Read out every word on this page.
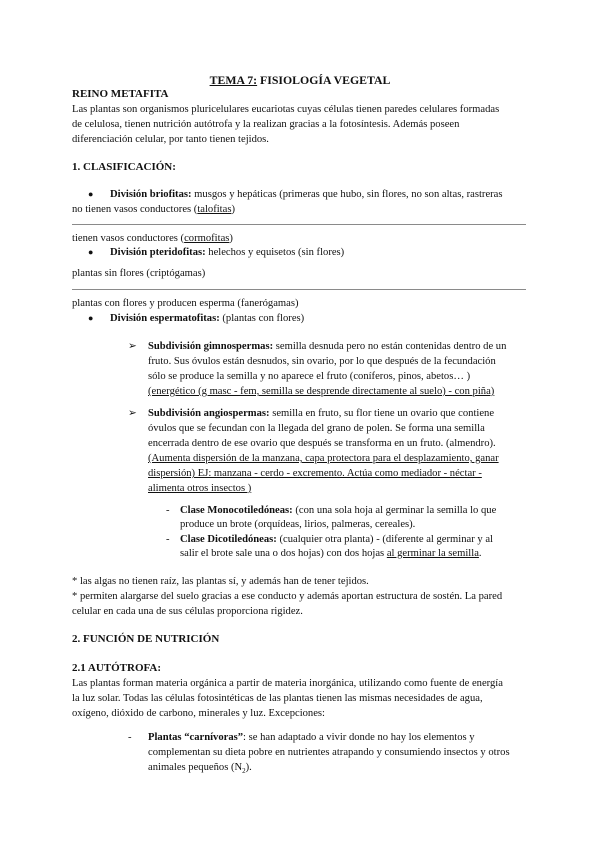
TEMA 7: FISIOLOGÍA VEGETAL
REINO METAFITA
Las plantas son organismos pluricelulares eucariotas cuyas células tienen paredes celulares formadas
de celulosa, tienen nutrición autótrofa y la realizan gracias a la fotosíntesis. Además poseen
diferenciación celular, por tanto tienen tejidos.
1. CLASIFICACIÓN:
● División briofitas: musgos y hepáticas (primeras que hubo, sin flores, no son altas, rastreras
no tienen vasos conductores (talofitas)
tienen vasos conductores (cormofitas)
● División pteridofitas: helechos y equisetos (sin flores)
plantas sin flores (criptógamas)
plantas con flores y producen esperma (fanerógamas)
● División espermatofitas: (plantas con flores)
➢ Subdivisión gimnospermas: semilla desnuda pero no están contenidas dentro de un
fruto. Sus óvulos están desnudos, sin ovario, por lo que después de la fecundación
sólo se produce la semilla y no aparece el fruto (coníferos, pinos, abetos… )
(energético (g masc - fem, semilla se desprende directamente al suelo) - con piña)
➢ Subdivisión angiospermas: semilla en fruto, su flor tiene un ovario que contiene
óvulos que se fecundan con la llegada del grano de polen. Se forma una semilla
encerrada dentro de ese ovario que después se transforma en un fruto. (almendro).
(Aumenta dispersión de la manzana, capa protectora para el desplazamiento, ganar
dispersión) EJ: manzana - cerdo - excremento. Actúa como mediador - néctar -
alimenta otros insectos )
- Clase Monocotiledóneas: (con una sola hoja al germinar la semilla lo que
produce un brote (orquídeas, lirios, palmeras, cereales).
- Clase Dicotiledóneas: (cualquier otra planta) - (diferente al germinar y al
salir el brote sale una o dos hojas) con dos hojas al germinar la semilla.
* las algas no tienen raíz, las plantas sí, y además han de tener tejidos.
* permiten alargarse del suelo gracias a ese conducto y además aportan estructura de sostén. La pared
celular en cada una de sus células proporciona rigidez.
2. FUNCIÓN DE NUTRICIÓN
2.1 AUTÓTROFA:
Las plantas forman materia orgánica a partir de materia inorgánica, utilizando como fuente de energía
la luz solar. Todas las células fotosintéticas de las plantas tienen las mismas necesidades de agua,
oxígeno, dióxido de carbono, minerales y luz. Excepciones:
- Plantas “carnívoras”: se han adaptado a vivir donde no hay los elementos y
complementan su dieta pobre en nutrientes atrapando y consumiendo insectos y otros
animales pequeños $(N_2)$.
